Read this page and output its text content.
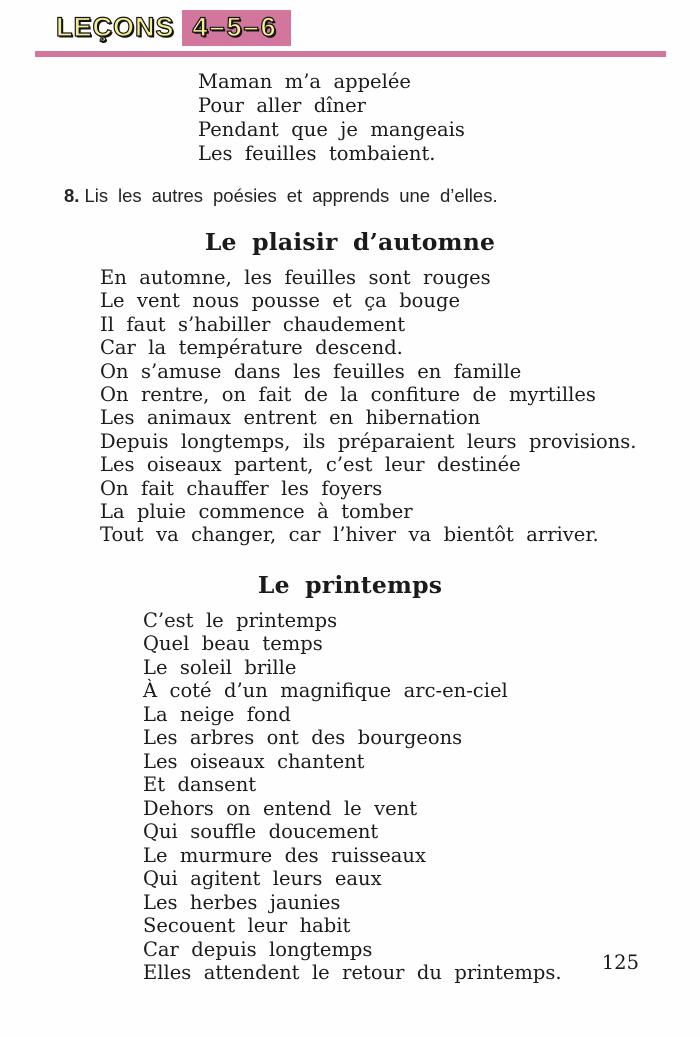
LEÇONS 4–5–6
Maman m’a appelée
Pour aller dîner
Pendant que je mangeais
Les feuilles tombaient.

8. Lis les autres poésies et apprends une d’elles.

Le plaisir d’automne
En automne, les feuilles sont rouges
Le vent nous pousse et ça bouge
Il faut s’habiller chaudement
Car la température descend.
On s’amuse dans les feuilles en famille
On rentre, on fait de la confiture de myrtilles
Les animaux entrent en hibernation
Depuis longtemps, ils préparaient leurs provisions.
Les oiseaux partent, c’est leur destinée
On fait chauffer les foyers
La pluie commence à tomber
Tout va changer, car l’hiver va bientôt arriver.
Le printemps
C’est le printemps
Quel beau temps
Le soleil brille
À coté d’un magnifique arc-en-ciel
La neige fond
Les arbres ont des bourgeons
Les oiseaux chantent
Et dansent
Dehors on entend le vent
Qui souffle doucement
Le murmure des ruisseaux
Qui agitent leurs eaux
Les herbes jaunies
Secouent leur habit
Car depuis longtemps
Elles attendent le retour du printemps.	125
